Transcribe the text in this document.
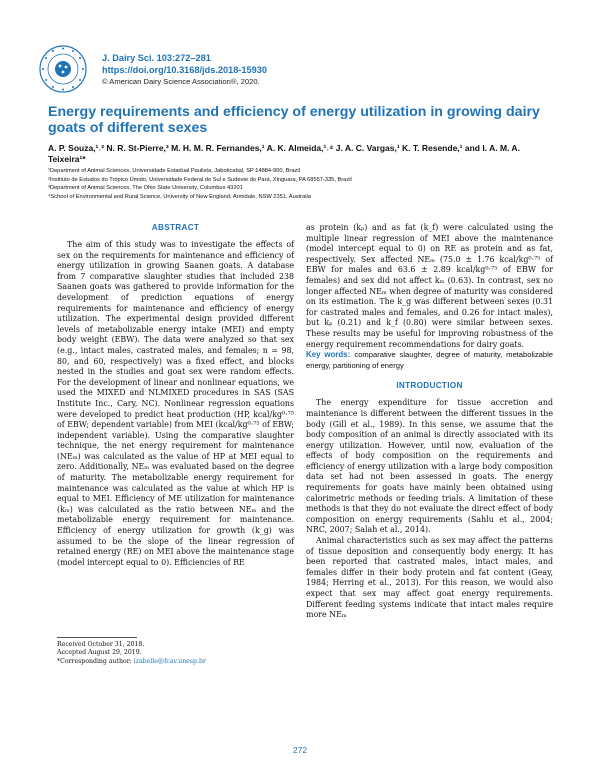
J. Dairy Sci. 103:272–281
https://doi.org/10.3168/jds.2018-15930
© American Dairy Science Association®, 2020.
Energy requirements and efficiency of energy utilization in growing dairy goats of different sexes
A. P. Souza,¹˒² N. R. St-Pierre,³ M. H. M. R. Fernandes,¹ A. K. Almeida,¹˒⁴ J. A. C. Vargas,¹ K. T. Resende,¹ and I. A. M. A. Teixeira¹*
¹Department of Animal Sciences, Universidade Estadual Paulista, Jaboticabal, SP 14884-900, Brazil
²Instituto de Estudos do Trópico Úmido, Universidade Federal do Sul e Sudeste do Pará, Xinguara, PA 68557-335, Brazil
³Department of Animal Sciences, The Ohio State University, Columbus 43201
⁴School of Environmental and Rural Science, University of New England, Armidale, NSW 2351, Australia
ABSTRACT

The aim of this study was to investigate the effects of sex on the requirements for maintenance and efficiency of energy utilization in growing Saanen goats. A database from 7 comparative slaughter studies that included 238 Saanen goats was gathered to provide information for the development of prediction equations of energy requirements for maintenance and efficiency of energy utilization. The experimental design provided different levels of metabolizable energy intake (MEI) and empty body weight (EBW). The data were analyzed so that sex (e.g., intact males, castrated males, and females; n = 98, 80, and 60, respectively) was a fixed effect, and blocks nested in the studies and goat sex were random effects. For the development of linear and nonlinear equations, we used the MIXED and NLMIXED procedures in SAS (SAS Institute Inc., Cary, NC). Nonlinear regression equations were developed to predict heat production (HP, kcal/kg⁰·⁷⁵ of EBW; dependent variable) from MEI (kcal/kg⁰·⁷⁵ of EBW; independent variable). Using the comparative slaughter technique, the net energy requirement for maintenance (NEₘ) was calculated as the value of HP at MEI equal to zero. Additionally, NEₘ was evaluated based on the degree of maturity. The metabolizable energy requirement for maintenance was calculated as the value at which HP is equal to MEI. Efficiency of ME utilization for maintenance (kₘ) was calculated as the ratio between NEₘ and the metabolizable energy requirement for maintenance. Efficiency of energy utilization for growth (k_g) was assumed to be the slope of the linear regression of retained energy (RE) on MEI above the maintenance stage (model intercept equal to 0). Efficiencies of RE

as protein (kₚ) and as fat (k_f) were calculated using the multiple linear regression of MEI above the maintenance (model intercept equal to 0) on RE as protein and as fat, respectively. Sex affected NEₘ (75.0 ± 1.76 kcal/kg⁰·⁷⁵ of EBW for males and 63.6 ± 2.89 kcal/kg⁰·⁷⁵ of EBW for females) and sex did not affect kₘ (0.63). In contrast, sex no longer affected NEₘ when degree of maturity was considered on its estimation. The k_g was different between sexes (0.31 for castrated males and females, and 0.26 for intact males), but kₚ (0.21) and k_f (0.80) were similar between sexes. These results may be useful for improving robustness of the energy requirement recommendations for dairy goats.

Key words: comparative slaughter, degree of maturity, metabolizable energy, partitioning of energy

INTRODUCTION

The energy expenditure for tissue accretion and maintenance is different between the different tissues in the body (Gill et al., 1989). In this sense, we assume that the body composition of an animal is directly associated with its energy utilization. However, until now, evaluation of the effects of body composition on the requirements and efficiency of energy utilization with a large body composition data set had not been assessed in goats. The energy requirements for goats have mainly been obtained using calorimetric methods or feeding trials. A limitation of these methods is that they do not evaluate the direct effect of body composition on energy requirements (Sahlu et al., 2004; NRC, 2007; Salah et al., 2014).

Animal characteristics such as sex may affect the patterns of tissue deposition and consequently body energy. It has been reported that castrated males, intact males, and females differ in their body protein and fat content (Geay, 1984; Herring et al., 2013). For this reason, we would also expect that sex may affect goat energy requirements. Different feeding systems indicate that intact males require more NEₘ

Received October 31, 2018.
Accepted August 29, 2019.
*Corresponding author: izabelle@fcav.unesp.br
272
